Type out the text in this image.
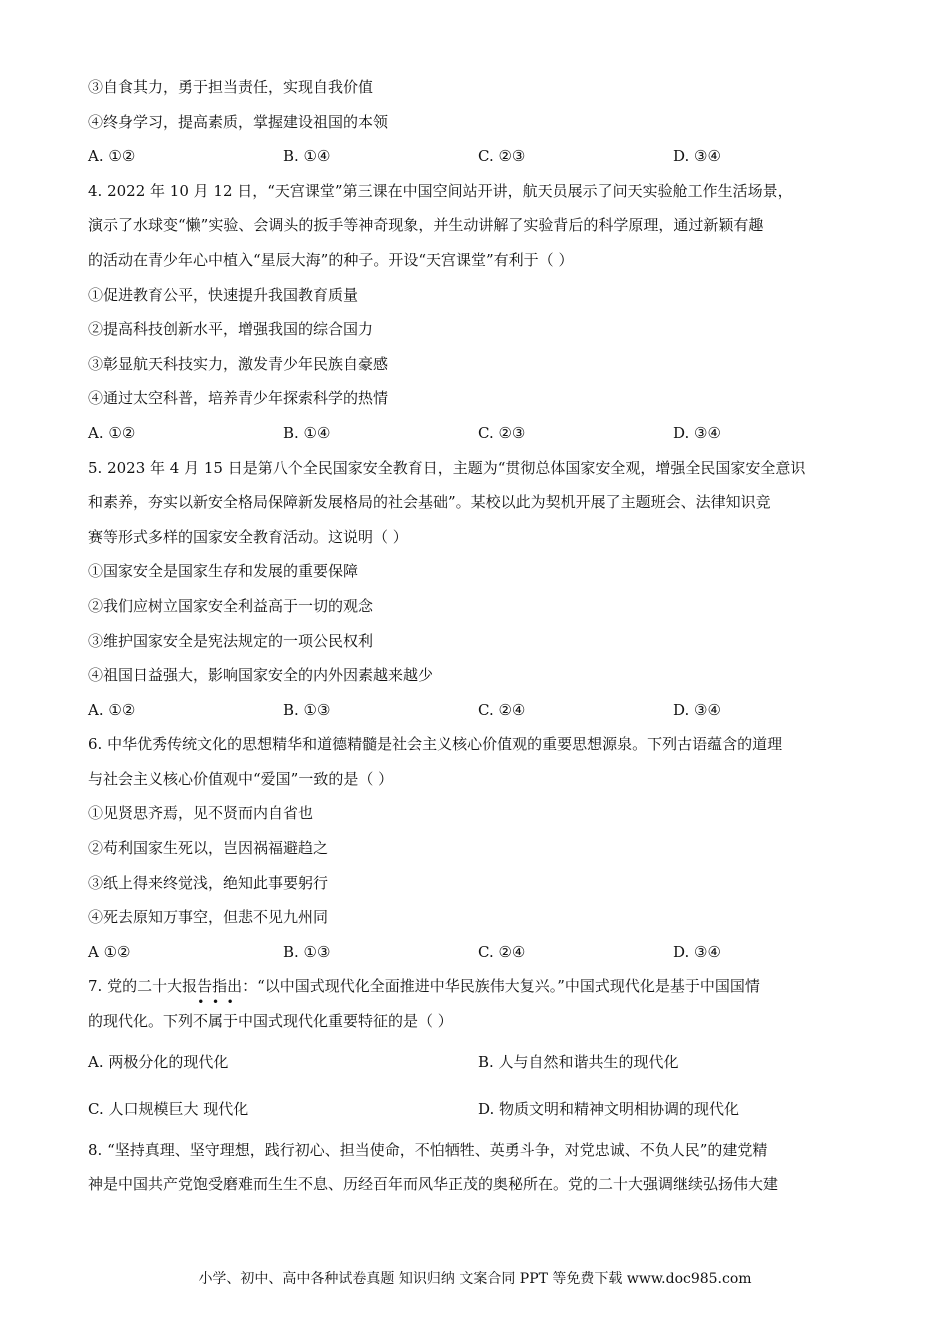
③自食其力，勇于担当责任，实现自我价值
④终身学习，提高素质，掌握建设祖国的本领
A. ①②	B. ①④	C. ②③	D. ③④
4. 2022 年 10 月 12 日，“天宫课堂”第三课在中国空间站开讲，航天员展示了问天实验舱工作生活场景，
演示了水球变“懒”实验、会调头的扳手等神奇现象，并生动讲解了实验背后的科学原理，通过新颖有趣
的活动在青少年心中植入“星辰大海”的种子。开设“天宫课堂”有利于（ ）
①促进教育公平，快速提升我国教育质量
②提高科技创新水平，增强我国的综合国力
③彰显航天科技实力，激发青少年民族自豪感
④通过太空科普，培养青少年探索科学的热情
A. ①②	B. ①④	C. ②③	D. ③④
5. 2023 年 4 月 15 日是第八个全民国家安全教育日，主题为“贯彻总体国家安全观，增强全民国家安全意识
和素养，夯实以新安全格局保障新发展格局的社会基础”。某校以此为契机开展了主题班会、法律知识竞
赛等形式多样的国家安全教育活动。这说明（ ）
①国家安全是国家生存和发展的重要保障
②我们应树立国家安全利益高于一切的观念
③维护国家安全是宪法规定的一项公民权利
④祖国日益强大，影响国家安全的内外因素越来越少
A. ①②	B. ①③	C. ②④	D. ③④
6. 中华优秀传统文化的思想精华和道德精髓是社会主义核心价值观的重要思想源泉。下列古语蕴含的道理
与社会主义核心价值观中“爱国”一致的是（ ）
①见贤思齐焉，见不贤而内自省也
②苟利国家生死以，岂因祸福避趋之
③纸上得来终觉浅，绝知此事要躬行
④死去原知万事空，但悲不见九州同
A ①②	B. ①③	C. ②④	D. ③④
7. 党的二十大报告指出：“以中国式现代化全面推进中华民族伟大复兴。”中国式现代化是基于中国国情
的现代化。下列
•  •  •
不属于中国式现代化重要特征的是（ ）
A. 两极分化的现代化	B. 人与自然和谐共生的现代化
C. 人口规模巨大 现代化	D. 物质文明和精神文明相协调的现代化
8. “坚持真理、坚守理想，践行初心、担当使命，不怕牺牲、英勇斗争，对党忠诚、不负人民”的建党精
神是中国共产党饱受磨难而生生不息、历经百年而风华正茂的奥秘所在。党的二十大强调继续弘扬伟大建
小学、初中、高中各种试卷真题 知识归纳 文案合同 PPT 等免费下载 www.doc985.com
